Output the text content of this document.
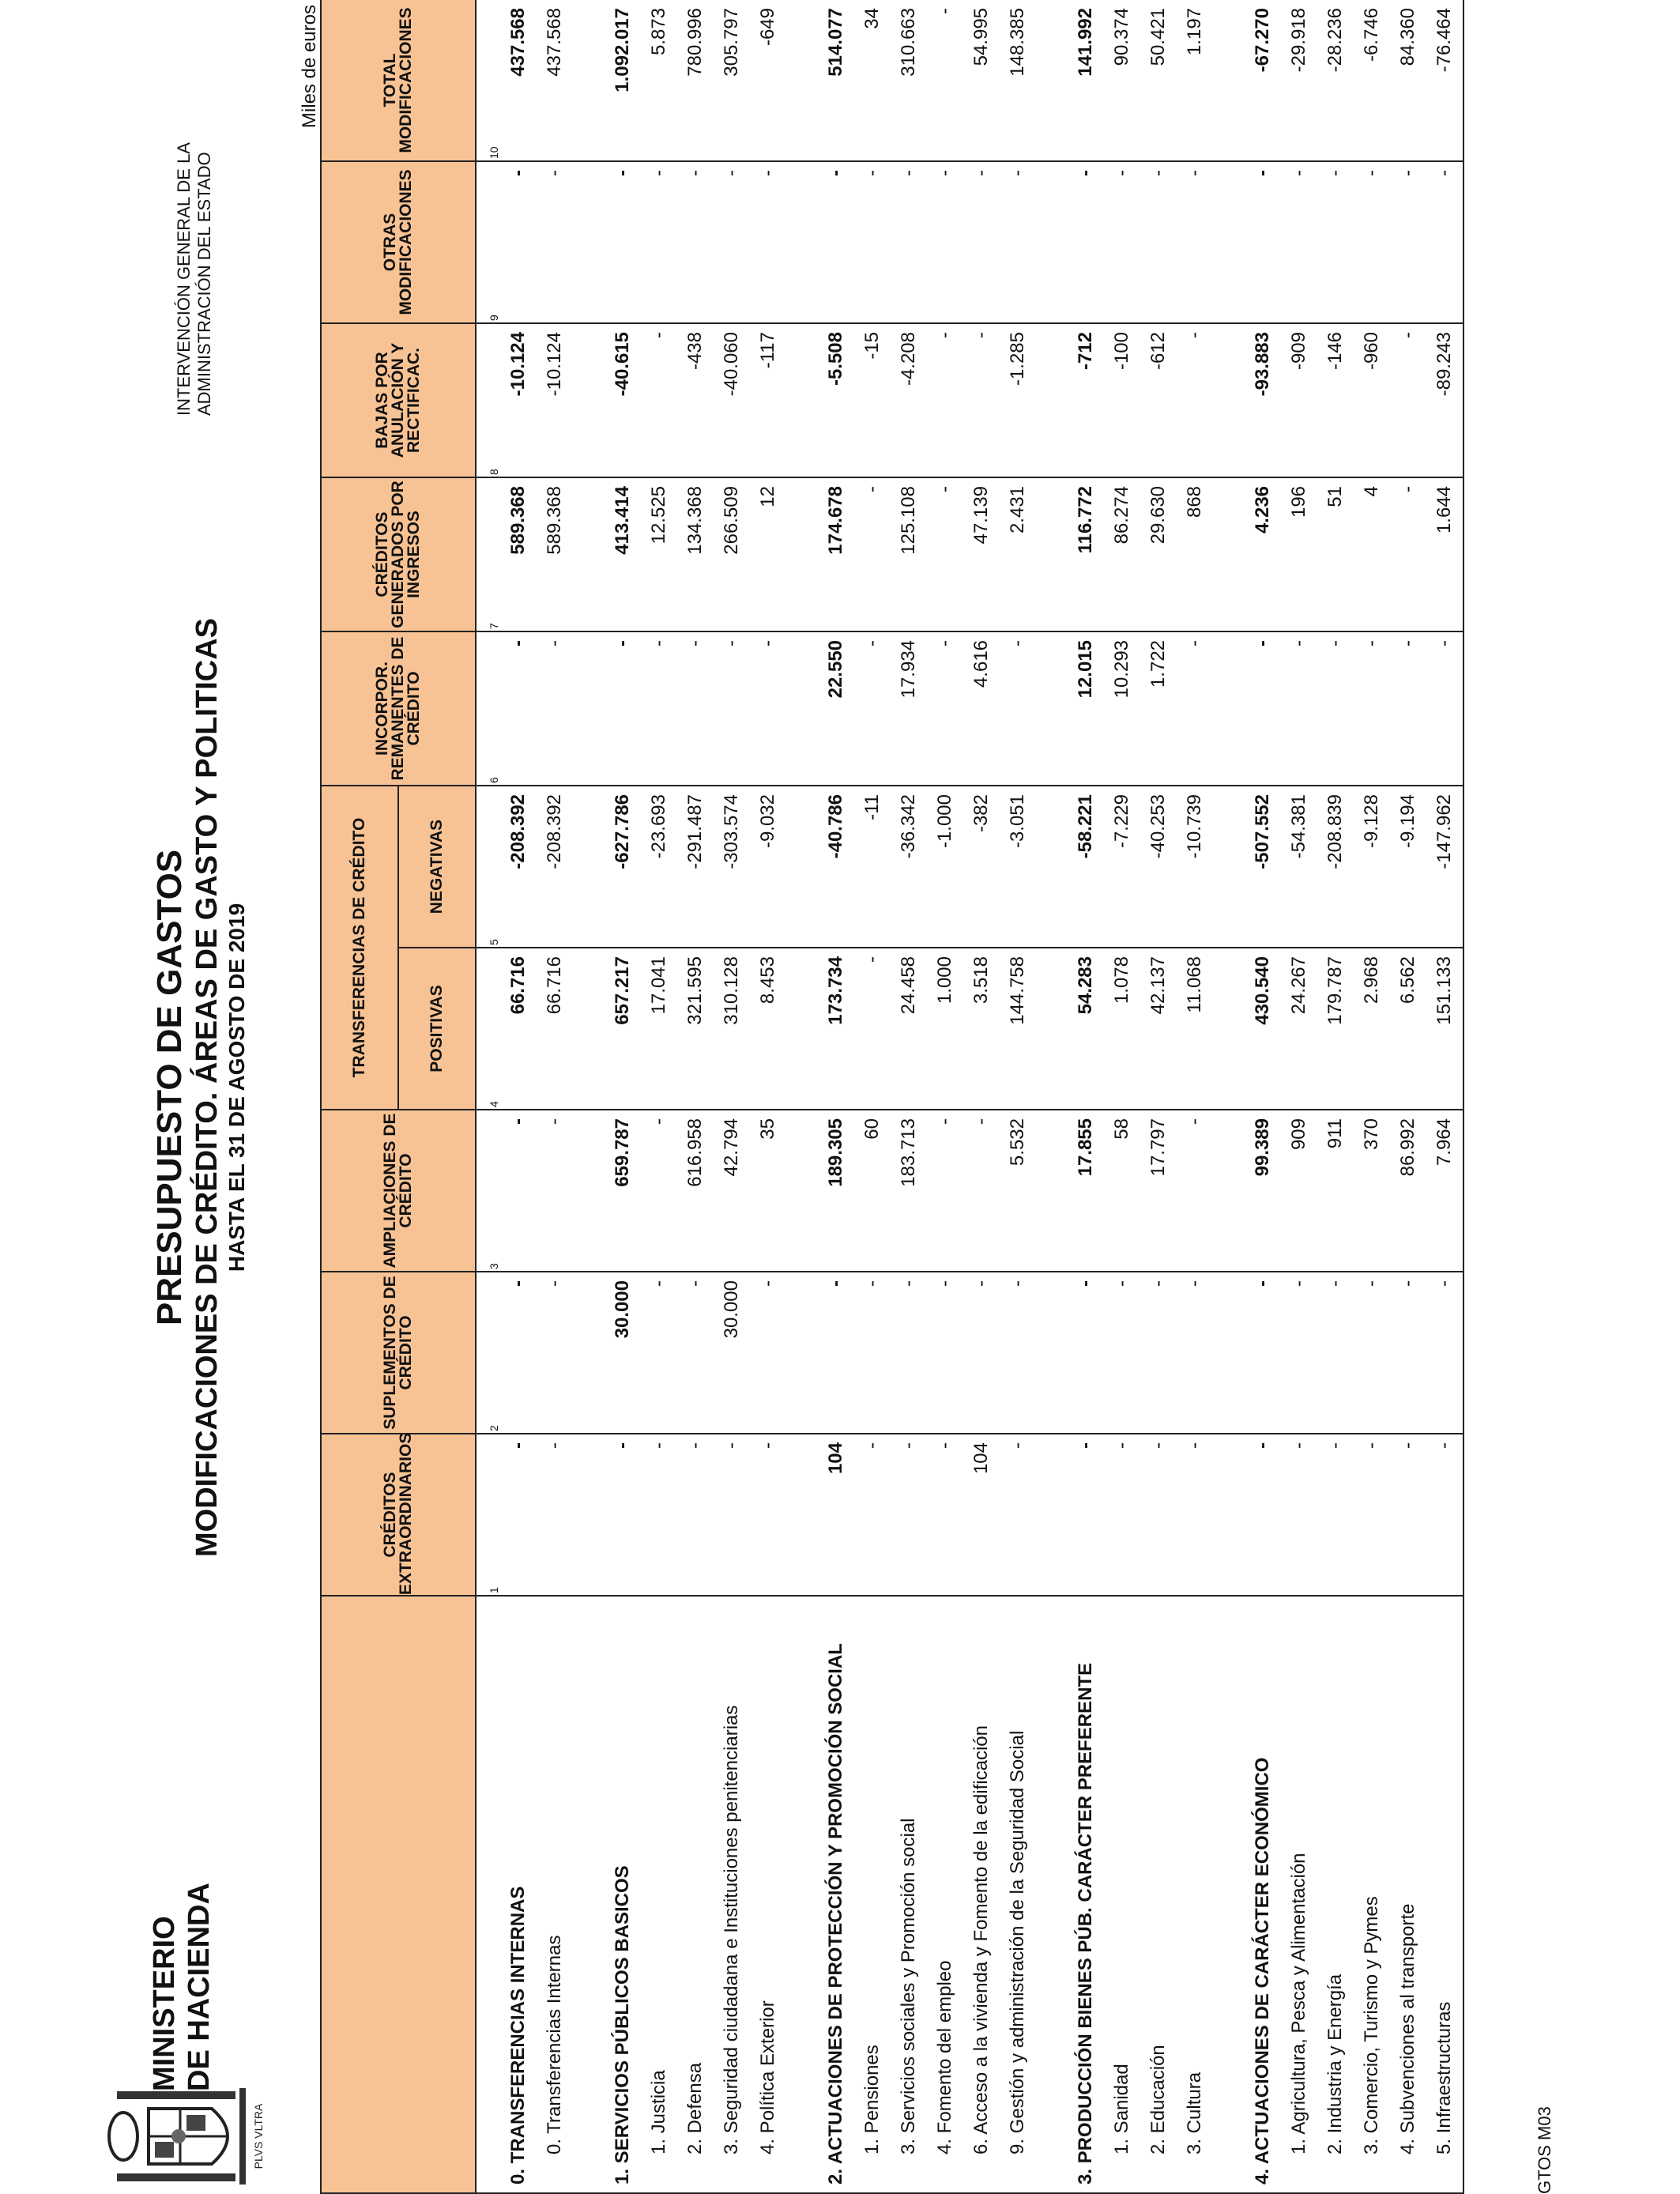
PLVS VLTRA
MINISTERIO DE HACIENDA
PRESUPUESTO DE GASTOS MODIFICACIONES DE CRÉDITO. ÁREAS DE GASTO Y POLITICAS HASTA EL 31 DE AGOSTO DE 2019
INTERVENCIÓN GENERAL DE LA ADMINISTRACIÓN DEL ESTADO
Miles de euros
	CRÉDITOS EXTRAORDINARIOS	SUPLEMENTOS DE CRÉDITO	AMPLIACIONES DE CRÉDITO	TRANSFERENCIAS DE CRÉDITO		INCORPOR. REMANENTES DE CRÉDITO	CRÉDITOS GENERADOS POR INGRESOS	BAJAS POR ANULACIÓN Y RECTIFICAC.	OTRAS MODIFICACIONES	TOTAL MODIFICACIONES
				POSITIVAS	NEGATIVAS					
	1	2	3	4	5	6	7	8	9	10
0. TRANSFERENCIAS INTERNAS	-	-	-	66.716	-208.392	-	589.368	-10.124	-	437.568
0. Transferencias Internas	-	-	-	66.716	-208.392	-	589.368	-10.124	-	437.568

1. SERVICIOS PÚBLICOS BASICOS	-	30.000	659.787	657.217	-627.786	-	413.414	-40.615	-	1.092.017
1. Justicia	-	-	-	17.041	-23.693	-	12.525	-	-	5.873
2. Defensa	-	-	616.958	321.595	-291.487	-	134.368	-438	-	780.996
3. Seguridad ciudadana e Instituciones penitenciarias	-	30.000	42.794	310.128	-303.574	-	266.509	-40.060	-	305.797
4. Política Exterior	-	-	35	8.453	-9.032	-	12	-117	-	-649

2. ACTUACIONES DE PROTECCIÓN Y PROMOCIÓN SOCIAL	104	-	189.305	173.734	-40.786	22.550	174.678	-5.508	-	514.077
1. Pensiones	-	-	60	-	-11	-	-	-15	-	34
3. Servicios sociales y Promoción social	-	-	183.713	24.458	-36.342	17.934	125.108	-4.208	-	310.663
4. Fomento del empleo	-	-	-	1.000	-1.000	-	-	-	-	-
6. Acceso a la vivienda y Fomento de la edificación	104	-	-	3.518	-382	4.616	47.139	-	-	54.995
9. Gestión y administración de la Seguridad Social	-	-	5.532	144.758	-3.051	-	2.431	-1.285	-	148.385

3. PRODUCCIÓN BIENES PÚB. CARÁCTER PREFERENTE	-	-	17.855	54.283	-58.221	12.015	116.772	-712	-	141.992
1. Sanidad	-	-	58	1.078	-7.229	10.293	86.274	-100	-	90.374
2. Educación	-	-	17.797	42.137	-40.253	1.722	29.630	-612	-	50.421
3. Cultura	-	-	-	11.068	-10.739	-	868	-	-	1.197

4. ACTUACIONES DE CARÁCTER ECONÓMICO	-	-	99.389	430.540	-507.552	-	4.236	-93.883	-	-67.270
1. Agricultura, Pesca y Alimentación	-	-	909	24.267	-54.381	-	196	-909	-	-29.918
2. Industria y Energía	-	-	911	179.787	-208.839	-	51	-146	-	-28.236
3. Comercio, Turismo y Pymes	-	-	370	2.968	-9.128	-	4	-960	-	-6.746
4. Subvenciones al transporte	-	-	86.992	6.562	-9.194	-	-	-	-	84.360
5. Infraestructuras	-	-	7.964	151.133	-147.962	-	1.644	-89.243	-	-76.464
GTOS M03
